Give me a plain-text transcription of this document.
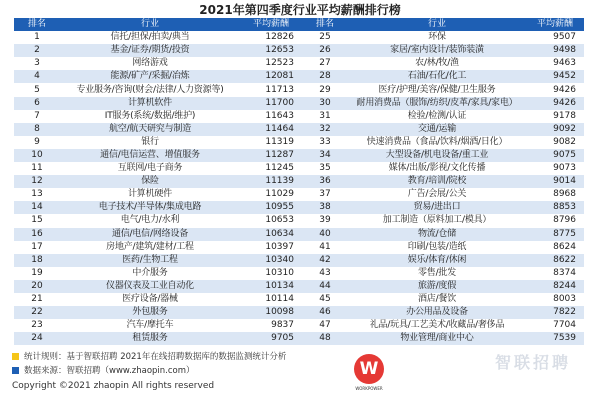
2021年第四季度行业平均薪酬排行榜
排名	行业	平均薪酬	排名	行业	平均薪酬
1	信托/担保/拍卖/典当	12826	25	环保	9507
2	基金/证券/期货/投资	12653	26	家居/室内设计/装饰装潢	9498
3	网络游戏	12523	27	农/林/牧/渔	9463
4	能源/矿产/采掘/冶炼	12081	28	石油/石化/化工	9452
5	专业服务/咨询(财会/法律/人力资源等)	11713	29	医疗/护理/美容/保健/卫生服务	9426
6	计算机软件	11700	30	耐用消费品（服饰/纺织/皮革/家具/家电）	9426
7	IT服务(系统/数据/维护)	11643	31	检验/检测/认证	9178
8	航空/航天研究与制造	11464	32	交通/运输	9092
9	银行	11319	33	快速消费品（食品/饮料/烟酒/日化）	9082
10	通信/电信运营、增值服务	11287	34	大型设备/机电设备/重工业	9075
11	互联网/电子商务	11245	35	媒体/出版/影视/文化传播	9073
12	保险	11139	36	教育/培训/院校	9014
13	计算机硬件	11029	37	广告/会展/公关	8968
14	电子技术/半导体/集成电路	10955	38	贸易/进出口	8853
15	电气/电力/水利	10653	39	加工制造（原料加工/模具）	8796
16	通信/电信/网络设备	10634	40	物流/仓储	8775
17	房地产/建筑/建材/工程	10397	41	印刷/包装/造纸	8624
18	医药/生物工程	10340	42	娱乐/体育/休闲	8622
19	中介服务	10310	43	零售/批发	8374
20	仪器仪表及工业自动化	10134	44	旅游/度假	8244
21	医疗设备/器械	10114	45	酒店/餐饮	8003
22	外包服务	10098	46	办公用品及设备	7822
23	汽车/摩托车	9837	47	礼品/玩具/工艺美术/收藏品/奢侈品	7704
24	租赁服务	9705	48	物业管理/商业中心	7539
统计规则：基于智联招聘 2021年在线招聘数据库的数据监测统计分析
数据来源：智联招聘（www.zhaopin.com）
Copyright ©2021 zhaopin All rights reserved
W
WORKPOWER
智联招聘
